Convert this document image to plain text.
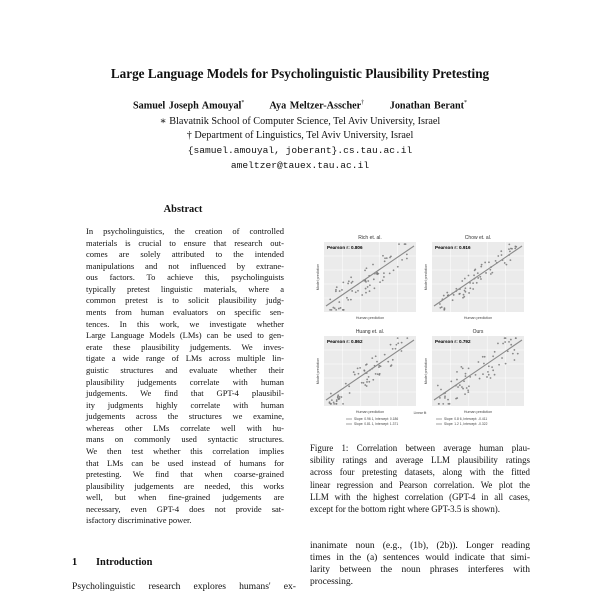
Large Language Models for Psycholinguistic Plausibility Pretesting
Samuel Joseph Amouyal* Aya Meltzer-Asscher†	Jonathan Berant*
∗ Blavatnik School of Computer Science, Tel Aviv University, Israel
† Department of Linguistics, Tel Aviv University, Israel
{samuel.amouyal, joberant}.cs.tau.ac.il
ameltzer@tauex.tau.ac.il
Abstract
In psycholinguistics, the creation of controlled
materials is crucial to ensure that research out-
comes are solely attributed to the intended
manipulations and not influenced by extrane-
ous factors. To achieve this, psycholinguists
typically pretest linguistic materials, where a
common pretest is to solicit plausibility judg-
ments from human evaluators on specific sen-
tences. In this work, we investigate whether
Large Language Models (LMs) can be used to gen-
erate these plausibility judgements. We inves-
tigate a wide range of LMs across multiple lin-
guistic structures and evaluate whether their
plausibility judgements correlate with human
judgements. We find that GPT-4 plausibil-
ity judgments highly correlate with human
judgements across the structures we examine,
whereas other LMs correlate well with hu-
mans on commonly used syntactic structures.
We then test whether this correlation implies
that LMs can be used instead of humans for
pretesting. We find that when coarse-grained
plausibility judgements are needed, this works
well, but when fine-grained judgements are
necessary, even GPT-4 does not provide sat-
isfactory discriminative power.
1 Introduction
Psycholinguistic research explores humans' ex-
Rich et. al.
Pearson r: 0.806
Human prediction
Model prediction
Chow et. al.
Pearson r: 0.916
Human prediction
Model prediction
Huang et. al.
Pearson r: 0.862
Human prediction
Model prediction
Ours
Pearson r: 0.792
Human prediction
Model prediction
Linear fit
Slope: 0.96 1, Intercept: 0.186
Slope: 0.81 1, Intercept: 1.371
Slope: 0.8 6, Intercept: -0.411
Slope: 1.2 1, Intercept: -0.322
Figure 1: Correlation between average human plau-
sibility ratings and average LLM plausibility ratings
across four pretesting datasets, along with the fitted
linear regression and Pearson correlation. We plot the
LLM with the highest correlation (GPT-4 in all cases,
except for the bottom right where GPT-3.5 is shown).
inanimate noun (e.g., (1b), (2b)). Longer reading
times in the (a) sentences would indicate that simi-
larity between the noun phrases interferes with
processing.
